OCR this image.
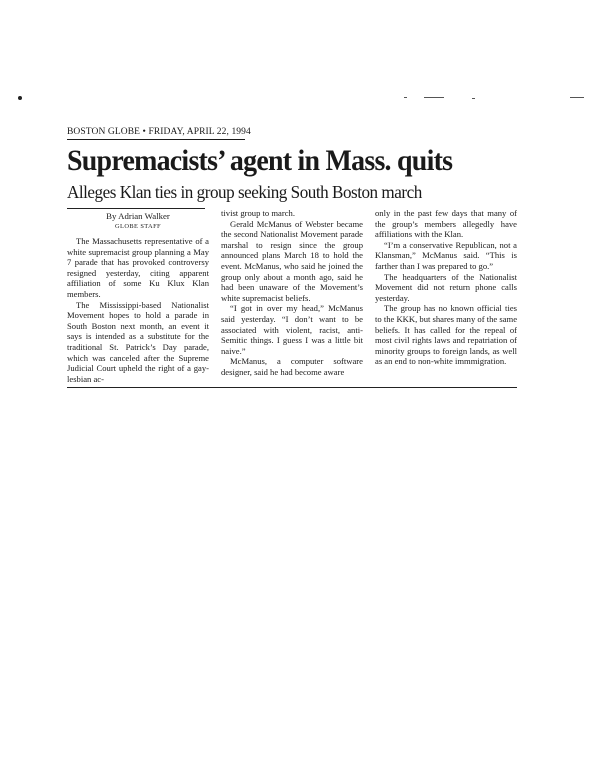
BOSTON GLOBE • FRIDAY, APRIL 22, 1994
Supremacists’ agent in Mass. quits
Alleges Klan ties in group seeking South Boston march
By Adrian Walker
GLOBE STAFF

The Massachusetts representative of a white supremacist group planning a May 7 parade that has provoked controversy resigned yesterday, citing apparent affiliation of some Ku Klux Klan members.

The Mississippi-based Nationalist Movement hopes to hold a parade in South Boston next month, an event it says is intended as a substitute for the traditional St. Patrick’s Day parade, which was canceled after the Supreme Judicial Court upheld the right of a gay-lesbian ac-

tivist group to march.

Gerald McManus of Webster became the second Nationalist Movement parade marshal to resign since the group announced plans March 18 to hold the event. McManus, who said he joined the group only about a month ago, said he had been unaware of the Movement’s white supremacist beliefs.

“I got in over my head,” McManus said yesterday. “I don’t want to be associated with violent, racist, anti-Semitic things. I guess I was a little bit naive.”

McManus, a computer software designer, said he had become aware

only in the past few days that many of the group’s members allegedly have affiliations with the Klan.

“I’m a conservative Republican, not a Klansman,” McManus said. “This is farther than I was prepared to go.”

The headquarters of the Nationalist Movement did not return phone calls yesterday.

The group has no known official ties to the KKK, but shares many of the same beliefs. It has called for the repeal of most civil rights laws and repatriation of minority groups to foreign lands, as well as an end to non-white immmigration.
